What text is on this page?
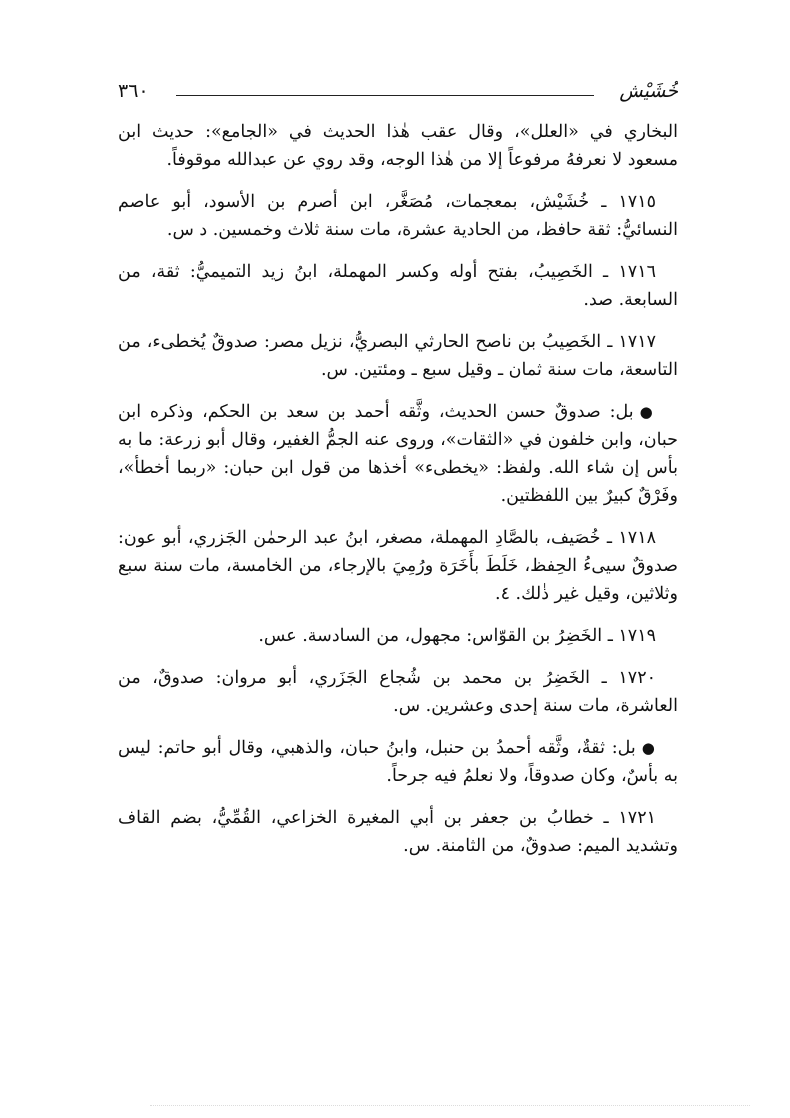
خُشَيْش
٣٦٠

البخاري في «العلل»، وقال عقب هٰذا الحديث في «الجامع»: حديث ابن مسعود لا نعرفهُ مرفوعاً إلا من هٰذا الوجه، وقد روي عن عبدالله موقوفاً.

١٧١٥ ـ خُشَيْش، بمعجمات، مُصَغَّر، ابن أصرم بن الأسود، أبو عاصم النسائيُّ: ثقة حافظ، من الحادية عشرة، مات سنة ثلاث وخمسين. د س.

١٧١٦ ـ الخَصِيبُ، بفتح أوله وكسر المهملة، ابنُ زيد التميميُّ: ثقة، من السابعة. صد.

١٧١٧ ـ الخَصِيبُ بن ناصح الحارثي البصريُّ، نزيل مصر: صدوقٌ يُخطىء، من التاسعة، مات سنة ثمان ـ وقيل سبع ـ ومئتين. س.

●بل: صدوقٌ حسن الحديث، وثَّقه أحمد بن سعد بن الحكم، وذكره ابن حبان، وابن خلفون في «الثقات»، وروى عنه الجمُّ الغفير، وقال أبو زرعة: ما به بأس إن شاء الله. ولفظ: «يخطىء» أخذها من قول ابن حبان: «ربما أخطأ»، وفَرْقٌ كبيرٌ بين اللفظتين.

١٧١٨ ـ خُصَيف، بالصَّادِ المهملة، مصغر، ابنُ عبد الرحمٰن الجَزري، أبو عون: صدوقٌ سيىءُ الحِفظ، خَلَطَ بأَخَرَة ورُمِيَ بالإرجاء، من الخامسة، مات سنة سبع وثلاثين، وقيل غير ذٰلك. ٤.

١٧١٩ ـ الخَضِرُ بن القوّاس: مجهول، من السادسة. عس.

١٧٢٠ ـ الخَضِرُ بن محمد بن شُجاع الجَزَري، أبو مروان: صدوقٌ، من العاشرة، مات سنة إحدى وعشرين. س.

●بل: ثقةٌ، وثَّقه أحمدُ بن حنبل، وابنُ حبان، والذهبي، وقال أبو حاتم: ليس به بأسٌ، وكان صدوقاً، ولا نعلمُ فيه جرحاً.

١٧٢١ ـ خطابُ بن جعفر بن أبي المغيرة الخزاعي، القُمِّيُّ، بضم القاف وتشديد الميم: صدوقٌ، من الثامنة. س.
